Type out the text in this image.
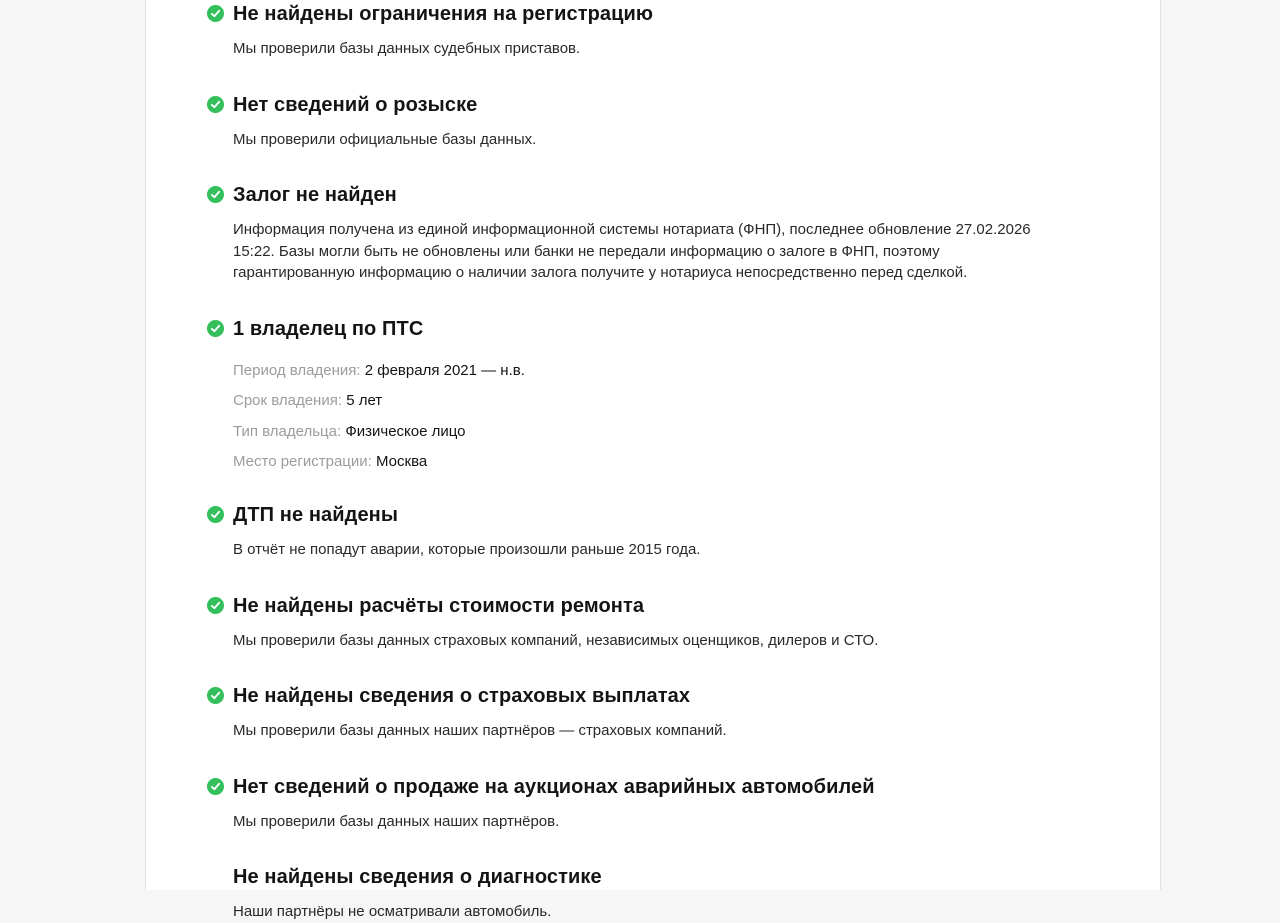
Не найдены ограничения на регистрацию

Мы проверили базы данных судебных приставов.

Нет сведений о розыске

Мы проверили официальные базы данных.

Залог не найден

Информация получена из единой информационной системы нотариата (ФНП), последнее обновление 27.02.2026 15:22. Базы могли быть не обновлены или банки не передали информацию о залоге в ФНП, поэтому гарантированную информацию о наличии залога получите у нотариуса непосредственно перед сделкой.

1 владелец по ПТС
Период владения: 2 февраля 2021 — н.в.
Срок владения: 5 лет
Тип владельца: Физическое лицо
Место регистрации: Москва
ДТП не найдены

В отчёт не попадут аварии, которые произошли раньше 2015 года.

Не найдены расчёты стоимости ремонта

Мы проверили базы данных страховых компаний, независимых оценщиков, дилеров и СТО.

Не найдены сведения о страховых выплатах

Мы проверили базы данных наших партнёров — страховых компаний.

Нет сведений о продаже на аукционах аварийных автомобилей

Мы проверили базы данных наших партнёров.

Не найдены сведения о диагностике

Наши партнёры не осматривали автомобиль.
